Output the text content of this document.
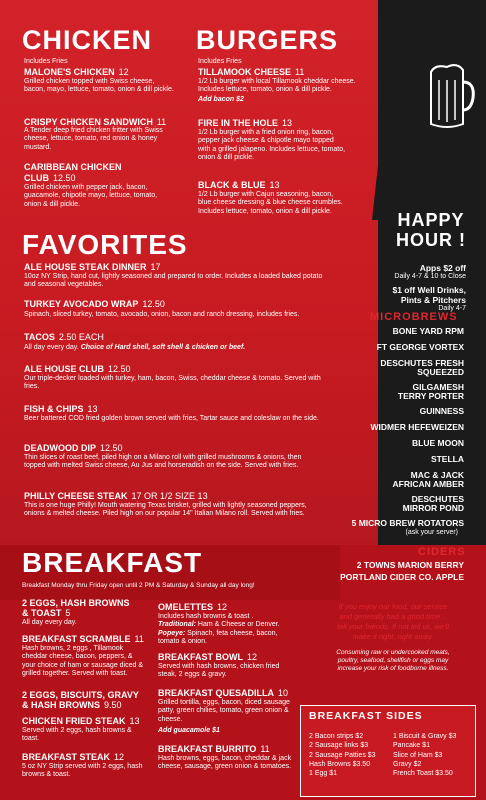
CHICKEN
Includes Fries
MALONE'S CHICKEN 12
Grilled chicken topped with Swiss cheese, bacon, mayo, lettuce, tomato, onion & dill pickle.
CRISPY CHICKEN SANDWICH 11
A Tender deep fried chicken fritter with Swiss cheese, lettuce, tomato, red onion & honey mustard.
CARIBBEAN CHICKEN
CLUB 12.50
Grilled chicken with pepper jack, bacon, guacamole, chipotle mayo, lettuce, tomato, onion & dill pickle.
BURGERS
Includes Fries
TILLAMOOK CHEESE 11
1/2 Lb burger with local Tillamook cheddar cheese. Includes lettuce, tomato, onion & dill pickle.
Add bacon $2
FIRE IN THE HOLE 13
1/2 Lb burger with a fried onion ring, bacon, pepper jack cheese & chipotle mayo topped with a grilled jalapeno. Includes lettuce, tomato, onion & dill pickle.
BLACK & BLUE 13
1/2 Lb burger with Cajun seasoning, bacon, blue cheese dressing & blue cheese crumbles. Includes lettuce, tomato, onion & dill pickle.
FAVORITES
ALE HOUSE STEAK DINNER 17
10oz NY Strip, hand cut, lightly seasoned and prepared to order. Includes a loaded baked potato and seasonal vegetables.
TURKEY AVOCADO WRAP 12.50
Spinach, sliced turkey, tomato, avocado, onion, bacon and ranch dressing, includes fries.
TACOS 2.50 EACH
All day every day. Choice of Hard shell, soft shell & chicken or beef.
ALE HOUSE CLUB 12.50
Our triple-decker loaded with turkey, ham, bacon, Swiss, cheddar cheese & tomato. Served with fries.
FISH & CHIPS 13
Beer battered COD fried golden brown served with fries, Tartar sauce and coleslaw on the side.
DEADWOOD DIP 12.50
Thin slices of roast beef, piled high on a Milano roll with grilled mushrooms & onions, then topped with melted Swiss cheese, Au Jus and horseradish on the side. Served with fries.
PHILLY CHEESE STEAK 17 OR 1/2 SIZE 13
This is one huge Philly! Mouth watering Texas brisket, grilled with lightly seasoned peppers, onions & melted cheese. Piled high on our popular 14" Italian Milano roll. Served with fries.
HAPPY
HOUR !
Apps $2 off
Daily 4-7 & 10 to Close
$1 off Well Drinks,
Pints & Pitchers
Daily 4-7
MICROBREWS
BONE YARD RPM
FT GEORGE VORTEX
DESCHUTES FRESH
SQUEEZED
GILGAMESH
TERRY PORTER
GUINNESS
WIDMER HEFEWEIZEN
BLUE MOON
STELLA
MAC & JACK
AFRICAN AMBER
DESCHUTES
MIRROR POND
5 MICRO BREW ROTATORS
(ask your server)
CIDERS
2 TOWNS MARION BERRY
PORTLAND CIDER CO. APPLE
If you enjoy our food, our service
and generally had a good time ..
tell your friends. If not tell us, we'll
make it right, right away.
Consuming raw or undercooked meats,
poultry, seafood, shellfish or eggs may
increase your risk of foodborne illness.
BREAKFAST
Breakfast Monday thru Friday open until 2 PM & Saturday & Sunday all day long!
2 EGGS, HASH BROWNS
& TOAST 5
All day every day.
BREAKFAST SCRAMBLE 11
Hash browns, 2 eggs , Tillamook cheddar cheese, bacon, peppers, & your choice of ham or sausage diced & grilled together. Served with toast.
2 EGGS, BISCUITS, GRAVY
& HASH BROWNS 9.50
CHICKEN FRIED STEAK 13
Served with 2 eggs, hash browns & toast.
BREAKFAST STEAK 12
5 oz NY Strip served with 2 eggs, hash browns & toast.
OMELETTES 12
Includes hash browns & toast .
Traditional: Ham & Cheese or Denver.
Popeye: Spinach, feta cheese, bacon, tomato & onion.
BREAKFAST BOWL 12
Served with hash browns, chicken fried steak, 2 eggs & gravy.
BREAKFAST QUESADILLA 10
Grilled tortilla, eggs, bacon, diced sausage patty, green chilies, tomato, green onion & cheese.
Add guacamole $1
BREAKFAST BURRITO 11
Hash browns, eggs, bacon, cheddar & jack cheese, sausage, green onion & tomatoes.
BREAKFAST SIDES
2 Bacon strips $2
2 Sausage links $3
2 Sausage Patties $3
Hash Browns $3.50
1 Egg $1
1 Biscuit & Gravy $3
Pancake $1
Slice of Ham $3
Gravy $2
French Toast $3.50
